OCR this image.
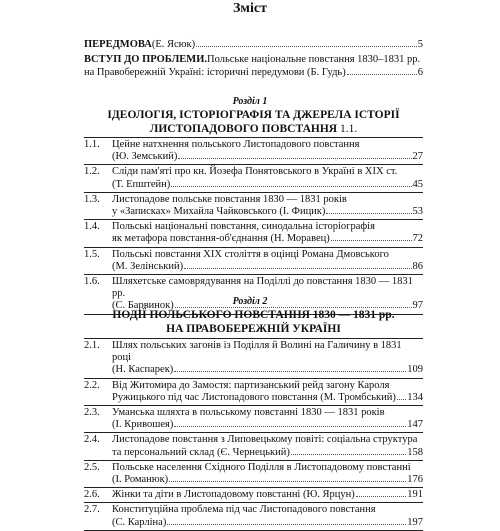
Зміст
ПЕРЕДМОВА (Е. Ясюк)	5
ВСТУП ДО ПРОБЛЕМИ. Польське національне повстання 1830–1831 рр.
на Правобережній Україні: історичні передумови (Б. Гудь)	6
Розділ 1
ІДЕОЛОГІЯ, ІСТОРІОГРАФІЯ ТА ДЖЕРЕЛА ІСТОРІЇ
ЛИСТОПАДОВОГО ПОВСТАННЯ 1.1.
1.1.	Цейне натхнення польського Листопадового повстання
(Ю. Земський)	27
1.2.	Сліди пам'яті про кн. Йозефа Понятовського в Україні в XIX ст.
(Т. Епштейн)	45
1.3.	Листопадове польське повстання 1830 — 1831 років
у «Записках» Михайла Чайковського (І. Фицик)	53
1.4.	Польські національні повстання, синодальна історіографія
як метафора повстання-об'єднання (Н. Моравец)	72
1.5.	Польські повстання XIX століття в оцінці Романа Дмовського
(М. Зелінський)	86
1.6.	Шляхетське самоврядування на Поділлі до повстання 1830 — 1831 рр.
(С. Барвинок)	97
Розділ 2
ПОДІЇ ПОЛЬСЬКОГО ПОВСТАННЯ 1830 — 1831 рр.
НА ПРАВОБЕРЕЖНІЙ УКРАЇНІ
2.1.	Шлях польських загонів із Поділля й Волині на Галичину в 1831 році
(Н. Каспарек)	109
2.2.	Від Житомира до Замостя: партизанський рейд загону Кароля
Ружицького під час Листопадового повстання (М. Тромбський) 134
2.3.	Уманська шляхта в польському повстанні 1830 — 1831 років
(І. Кривошея)	147
2.4.	Листопадове повстання з Липовецькому повіті: соціальна структура
та персональний склад (Є. Чернецький)	158
2.5.	Польське населення Східного Поділля в Листопадовому повстанні
(І. Романюк)	176
2.6.	Жінки та діти в Листопадовому повстанні (Ю. Ярцун)	191
2.7.	Конституційна проблема під час Листопадового повстання
(С. Карліна)	197
